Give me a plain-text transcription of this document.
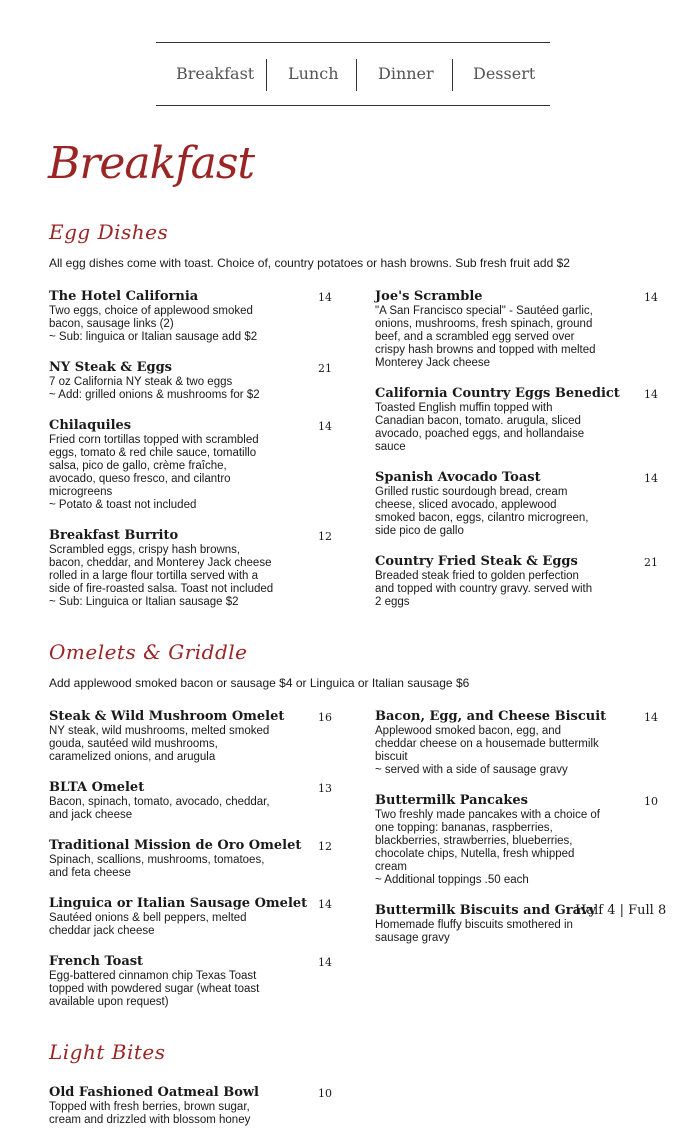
Breakfast Lunch Dinner Dessert
Breakfast
Egg Dishes
All egg dishes come with toast. Choice of, country potatoes or hash browns. Sub fresh fruit add $2
The Hotel California	14
Two eggs, choice of applewood smoked
bacon, sausage links (2)
~ Sub: linguica or Italian sausage add $2
NY Steak & Eggs	21
7 oz California NY steak & two eggs
~ Add: grilled onions & mushrooms for $2
Chilaquiles	14
Fried corn tortillas topped with scrambled
eggs, tomato & red chile sauce, tomatillo
salsa, pico de gallo, crème fraîche,
avocado, queso fresco, and cilantro
microgreens
~ Potato & toast not included
Breakfast Burrito	12
Scrambled eggs, crispy hash browns,
bacon, cheddar, and Monterey Jack cheese
rolled in a large flour tortilla served with a
side of fire-roasted salsa. Toast not included
~ Sub: Linguica or Italian sausage $2
Joe's Scramble	14
"A San Francisco special" - Sautéed garlic,
onions, mushrooms, fresh spinach, ground
beef, and a scrambled egg served over
crispy hash browns and topped with melted
Monterey Jack cheese
California Country Eggs Benedict	14
Toasted English muffin topped with
Canadian bacon, tomato. arugula, sliced
avocado, poached eggs, and hollandaise
sauce
Spanish Avocado Toast	14
Grilled rustic sourdough bread, cream
cheese, sliced avocado, applewood
smoked bacon, eggs, cilantro microgreen,
side pico de gallo
Country Fried Steak & Eggs	21
Breaded steak fried to golden perfection
and topped with country gravy. served with
2 eggs
Omelets & Griddle
Add applewood smoked bacon or sausage $4 or Linguica or Italian sausage $6
Steak & Wild Mushroom Omelet	16
NY steak, wild mushrooms, melted smoked
gouda, sautéed wild mushrooms,
caramelized onions, and arugula
BLTA Omelet	13
Bacon, spinach, tomato, avocado, cheddar,
and jack cheese
Traditional Mission de Oro Omelet	12
Spinach, scallions, mushrooms, tomatoes,
and feta cheese
Linguica or Italian Sausage Omelet 14
Sautéed onions & bell peppers, melted
cheddar jack cheese
French Toast	14
Egg-battered cinnamon chip Texas Toast
topped with powdered sugar (wheat toast
available upon request)
Bacon, Egg, and Cheese Biscuit	14
Applewood smoked bacon, egg, and
cheddar cheese on a housemade buttermilk
biscuit
~ served with a side of sausage gravy
Buttermilk Pancakes	10
Two freshly made pancakes with a choice of
one topping: bananas, raspberries,
blackberries, strawberries, blueberries,
chocolate chips, Nutella, fresh whipped
cream
~ Additional toppings .50 each
Buttermilk Biscuits and Gravy
Half 4 | Full 8
Homemade fluffy biscuits smothered in
sausage gravy
Light Bites
Old Fashioned Oatmeal Bowl	10
Topped with fresh berries, brown sugar,
cream and drizzled with blossom honey
